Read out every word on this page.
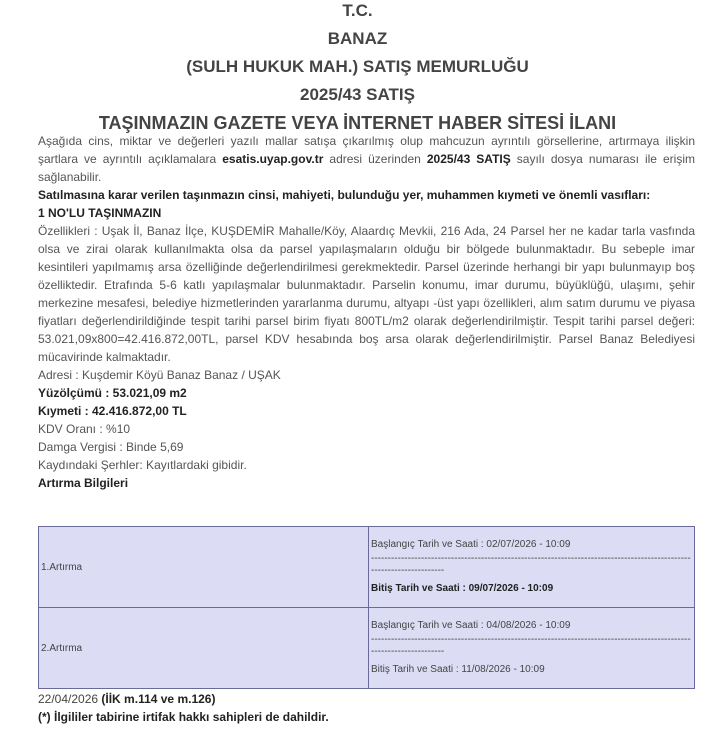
T.C.
BANAZ
(SULH HUKUK MAH.) SATIŞ MEMURLUĞU
2025/43 SATIŞ
TAŞINMAZIN GAZETE VEYA İNTERNET HABER SİTESİ İLANI

Aşağıda cins, miktar ve değerleri yazılı mallar satışa çıkarılmış olup mahcuzun ayrıntılı görsellerine, artırmaya ilişkin şartlara ve ayrıntılı açıklamalara esatis.uyap.gov.tr adresi üzerinden 2025/43 SATIŞ sayılı dosya numarası ile erişim sağlanabilir.

Satılmasına karar verilen taşınmazın cinsi, mahiyeti, bulunduğu yer, muhammen kıymeti ve önemli vasıfları:

1 NO'LU TAŞINMAZIN

Özellikleri : Uşak İl, Banaz İlçe, KUŞDEMİR Mahalle/Köy, Alaardıç Mevkii, 216 Ada, 24 Parsel her ne kadar tarla vasfında olsa ve zirai olarak kullanılmakta olsa da parsel yapılaşmaların olduğu bir bölgede bulunmaktadır. Bu sebeple imar kesintileri yapılmamış arsa özelliğinde değerlendirilmesi gerekmektedir. Parsel üzerinde herhangi bir yapı bulunmayıp boş özelliktedir. Etrafında 5-6 katlı yapılaşmalar bulunmaktadır. Parselin konumu, imar durumu, büyüklüğü, ulaşımı, şehir merkezine mesafesi, belediye hizmetlerinden yararlanma durumu, altyapı -üst yapı özellikleri, alım satım durumu ve piyasa fiyatları değerlendirildiğinde tespit tarihi parsel birim fiyatı 800TL/m2 olarak değerlendirilmiştir. Tespit tarihi parsel değeri: 53.021,09x800=42.416.872,00TL, parsel KDV hesabında boş arsa olarak değerlendirilmiştir. Parsel Banaz Belediyesi mücavirinde kalmaktadır.

Adresi : Kuşdemir Köyü Banaz Banaz / UŞAK

Yüzölçümü : 53.021,09 m2

Kıymeti : 42.416.872,00 TL

KDV Oranı : %10

Damga Vergisi : Binde 5,69

Kaydındaki Şerhler: Kayıtlardaki gibidir.

Artırma Bilgileri

1.Artırma	Başlangıç Tarih ve Saati : 02/07/2026 - 10:09
----------------------------------------------------------------------------------------------------------------------
Bitiş Tarih ve Saati : 09/07/2026 - 10:09

2.Artırma	Başlangıç Tarih ve Saati : 04/08/2026 - 10:09
----------------------------------------------------------------------------------------------------------------------
Bitiş Tarih ve Saati : 11/08/2026 - 10:09
22/04/2026 (İİK m.114 ve m.126)
(*) İlgililer tabirine irtifak hakkı sahipleri de dahildir.
